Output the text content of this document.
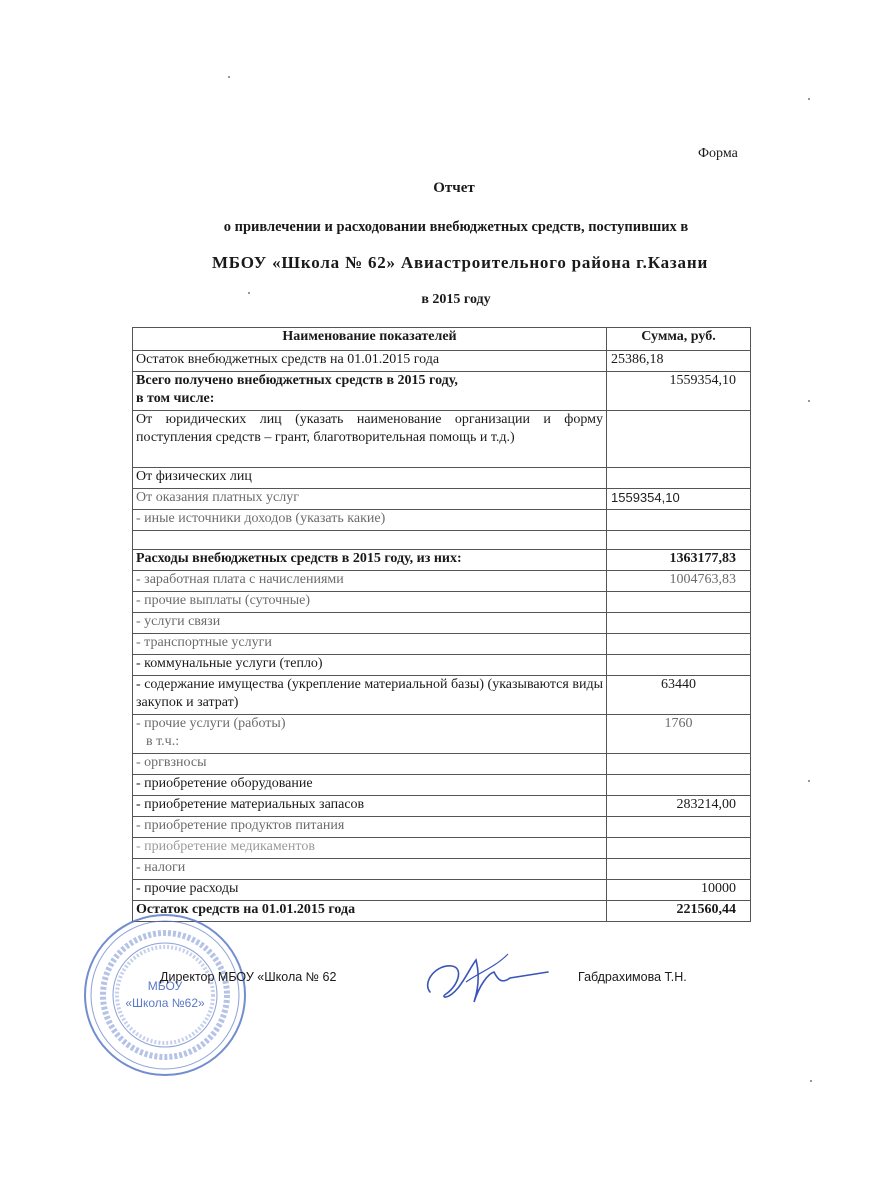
Форма
Отчет
о привлечении и расходовании внебюджетных средств, поступивших в
МБОУ «Школа № 62» Авиастроительного района г.Казани
в 2015 году
Наименование показателей	Сумма, руб.
Остаток внебюджетных средств на 01.01.2015 года	25386,18

Всего получено внебюджетных средств в 2015 году,
в том числе:	1559354,10
От юридических лиц (указать наименование организации и форму поступления средств – грант, благотворительная помощь и т.д.)	
От физических лиц	
От оказания платных услуг	1559354,10
- иные источники доходов (указать какие)	

Расходы внебюджетных средств в 2015 году, из них:	1363177,83
- заработная плата с начислениями	1004763,83
- прочие выплаты (суточные)	
- услуги связи	
- транспортные услуги	
- коммунальные услуги (тепло)	
- содержание имущества (укрепление материальной базы) (указываются виды закупок и затрат)	63440

- прочие услуги (работы)
в т.ч.:	1760
- оргвзносы	
- приобретение оборудование	
- приобретение материальных запасов	283214,00
- приобретение продуктов питания	
- приобретение медикаментов	
- налоги	
- прочие расходы	10000
Остаток средств на 01.01.2015 года	221560,44
МБОУ
«Школа №62»
Директор МБОУ «Школа № 62	Габдрахимова Т.Н.
